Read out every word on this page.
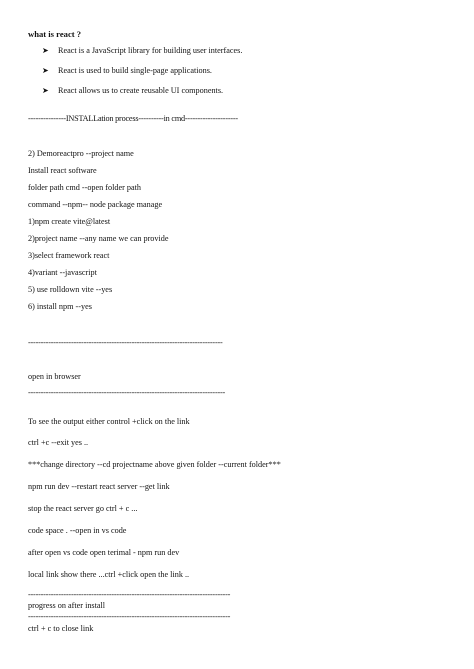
what is react ?
➤ React is a JavaScript library for building user interfaces.
➤ React is used to build single-page applications.
➤ React allows us to create reusable UI components.
---------------INSTALLation process----------in cmd---------------------
2) Demoreactpro --project name
Install react software
folder path cmd --open folder path
command --npm-- node package manage
1)npm create vite@latest
2)project name --any name we can provide
3)select framework react
4)variant --javascript
5) use rolldown vite --yes
6) install npm --yes
-----------------------------------------------------------------------------
open in browser
------------------------------------------------------------------------------
To see the output either control +click on the link
ctrl +c --exit yes ..
***change directory --cd projectname above given folder --current folder***
npm run dev --restart react server --get link
stop the react server go ctrl + c ...
code space . --open in vs code
after open vs code open terimal - npm run dev
local link show there ...ctrl +click open the link ..
--------------------------------------------------------------------------------
progress on after install
--------------------------------------------------------------------------------
ctrl + c to close link
